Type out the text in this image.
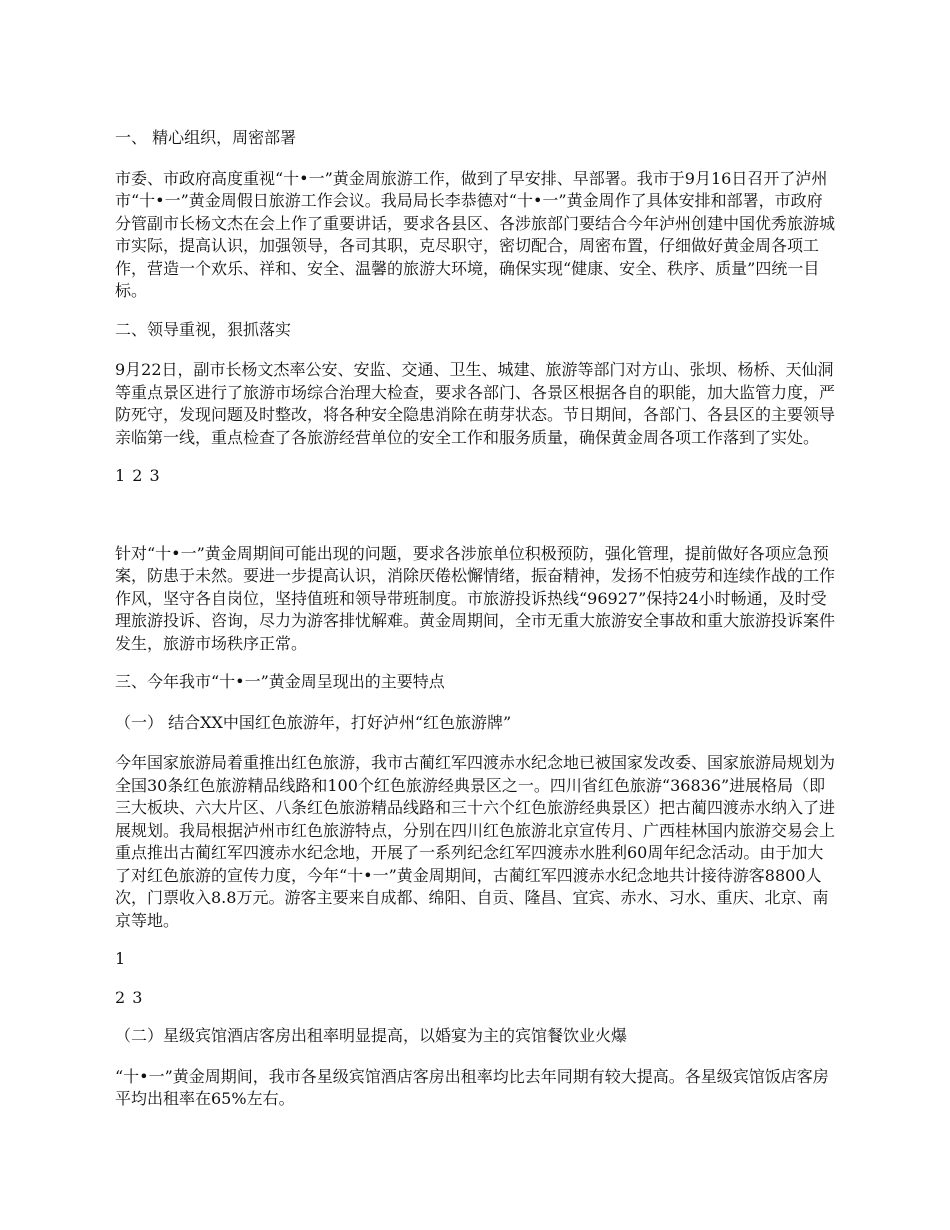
一、 精心组织，周密部署

市委、市政府高度重视“十•一”黄金周旅游工作，做到了早安排、早部署。我市于9月16日召开了泸州市“十•一”黄金周假日旅游工作会议。我局局长李恭德对“十•一”黄金周作了具体安排和部署，市政府分管副市长杨文杰在会上作了重要讲话，要求各县区、各涉旅部门要结合今年泸州创建中国优秀旅游城市实际，提高认识，加强领导，各司其职，克尽职守，密切配合，周密布置，仔细做好黄金周各项工作，营造一个欢乐、祥和、安全、温馨的旅游大环境，确保实现“健康、安全、秩序、质量”四统一目标。

二、领导重视，狠抓落实

9月22日，副市长杨文杰率公安、安监、交通、卫生、城建、旅游等部门对方山、张坝、杨桥、天仙洞等重点景区进行了旅游市场综合治理大检查，要求各部门、各景区根据各自的职能，加大监管力度，严防死守，发现问题及时整改，将各种安全隐患消除在萌芽状态。节日期间，各部门、各县区的主要领导亲临第一线，重点检查了各旅游经营单位的安全工作和服务质量，确保黄金周各项工作落到了实处。

1 2 3

针对“十•一”黄金周期间可能出现的问题，要求各涉旅单位积极预防，强化管理，提前做好各项应急预案，防患于未然。要进一步提高认识，消除厌倦松懈情绪，振奋精神，发扬不怕疲劳和连续作战的工作作风，坚守各自岗位，坚持值班和领导带班制度。市旅游投诉热线“96927”保持24小时畅通，及时受理旅游投诉、咨询，尽力为游客排忧解难。黄金周期间，全市无重大旅游安全事故和重大旅游投诉案件发生，旅游市场秩序正常。

三、今年我市“十•一”黄金周呈现出的主要特点

（一） 结合XX中国红色旅游年，打好泸州“红色旅游牌”

今年国家旅游局着重推出红色旅游，我市古蔺红军四渡赤水纪念地已被国家发改委、国家旅游局规划为全国30条红色旅游精品线路和100个红色旅游经典景区之一。四川省红色旅游“36836”进展格局（即三大板块、六大片区、八条红色旅游精品线路和三十六个红色旅游经典景区）把古蔺四渡赤水纳入了进展规划。我局根据泸州市红色旅游特点，分别在四川红色旅游北京宣传月、广西桂林国内旅游交易会上重点推出古蔺红军四渡赤水纪念地，开展了一系列纪念红军四渡赤水胜利60周年纪念活动。由于加大了对红色旅游的宣传力度，今年“十•一”黄金周期间，古蔺红军四渡赤水纪念地共计接待游客8800人次，门票收入8.8万元。游客主要来自成都、绵阳、自贡、隆昌、宜宾、赤水、习水、重庆、北京、南京等地。

1

2 3

（二）星级宾馆酒店客房出租率明显提高，以婚宴为主的宾馆餐饮业火爆

“十•一”黄金周期间，我市各星级宾馆酒店客房出租率均比去年同期有较大提高。各星级宾馆饭店客房平均出租率在65%左右。
